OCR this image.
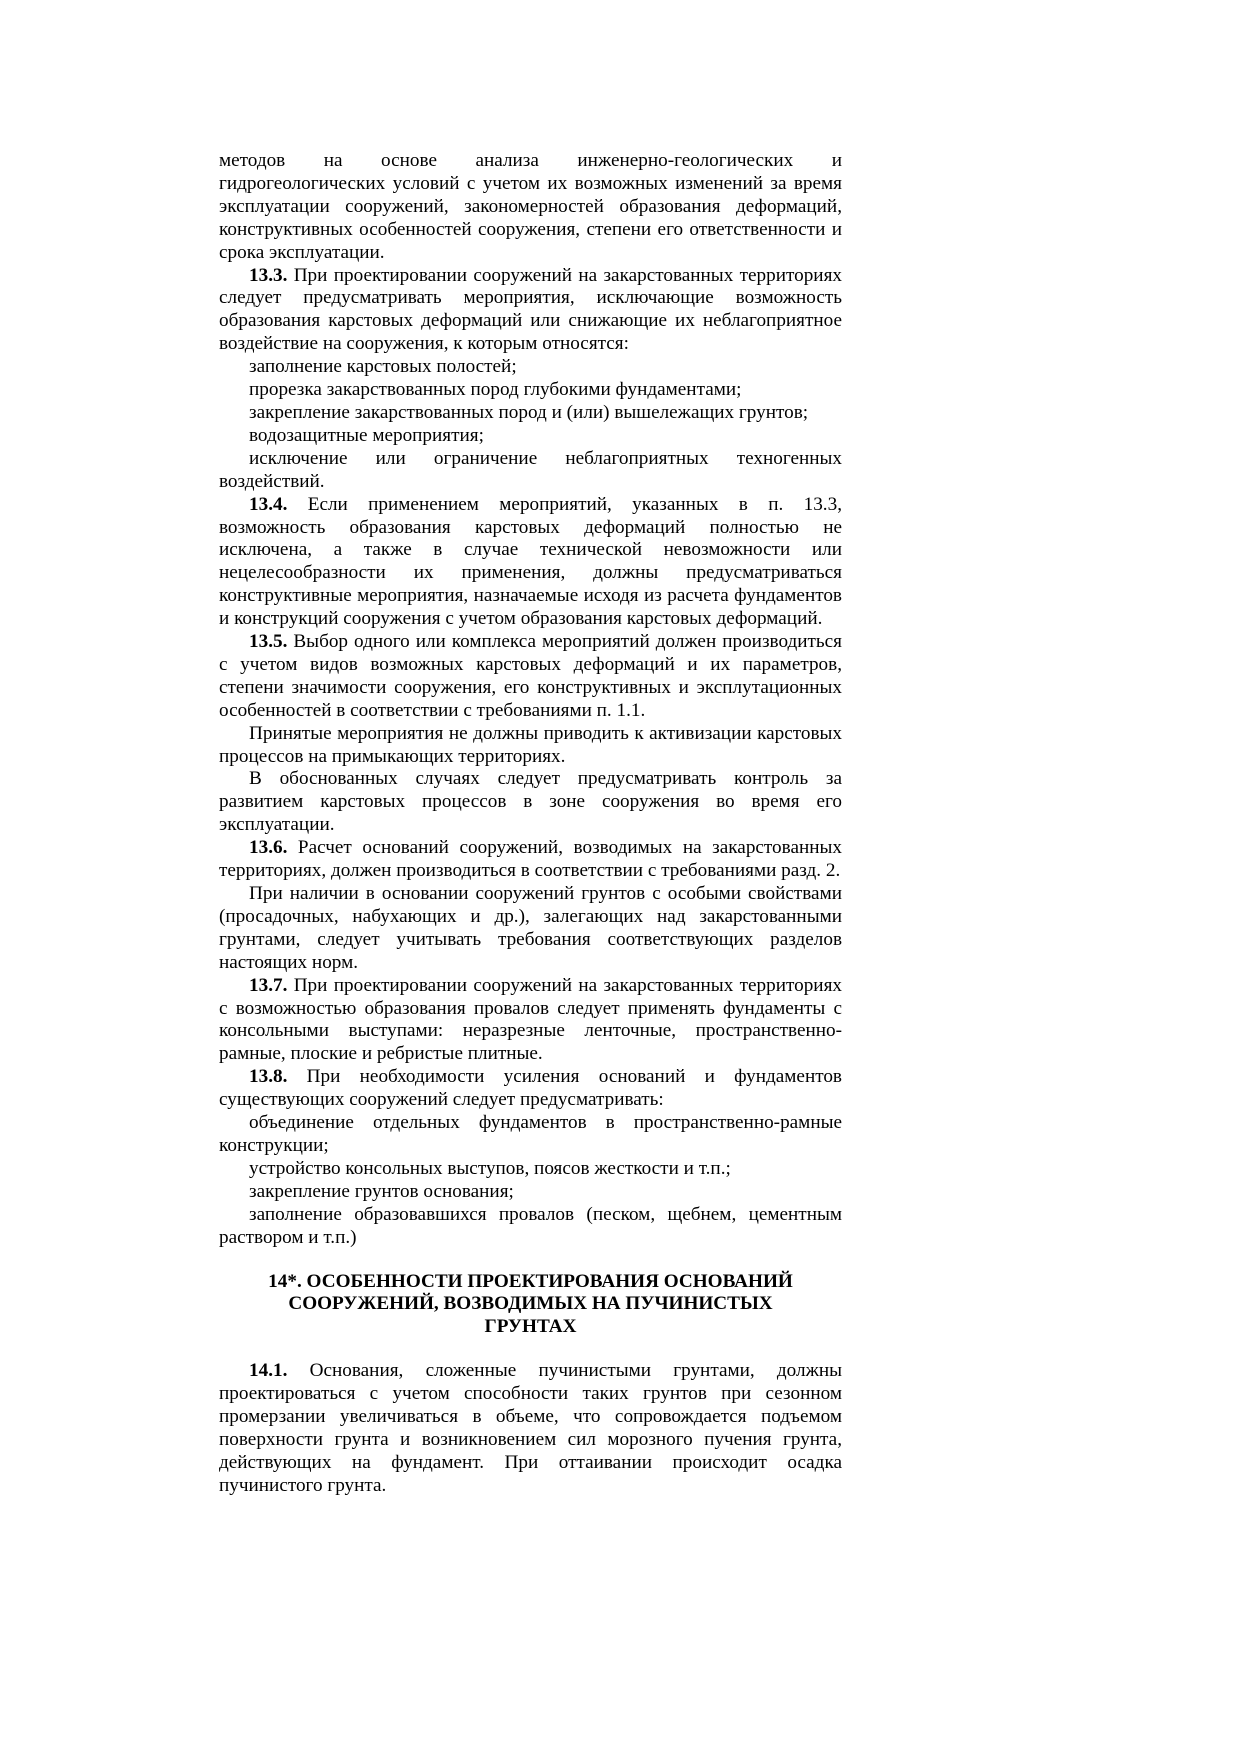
методов на основе анализа инженерно-геологических и гидрогеологических условий с учетом их возможных изменений за время эксплуатации сооружений, закономерностей образования деформаций, конструктивных особенностей сооружения, степени его ответственности и срока эксплуатации.

13.3. При проектировании сооружений на закарстованных территориях следует предусматривать мероприятия, исключающие возможность образования карстовых деформаций или снижающие их неблагоприятное воздействие на сооружения, к которым относятся:

заполнение карстовых полостей;

прорезка закарствованных пород глубокими фундаментами;

закрепление закарствованных пород и (или) вышележащих грунтов;

водозащитные мероприятия;

исключение или ограничение неблагоприятных техногенных воздействий.

13.4. Если применением мероприятий, указанных в п. 13.3, возможность образования карстовых деформаций полностью не исключена, а также в случае технической невозможности или нецелесообразности их применения, должны предусматриваться конструктивные мероприятия, назначаемые исходя из расчета фундаментов и конструкций сооружения с учетом образования карстовых деформаций.

13.5. Выбор одного или комплекса мероприятий должен производиться с учетом видов возможных карстовых деформаций и их параметров, степени значимости сооружения, его конструктивных и эксплутационных особенностей в соответствии с требованиями п. 1.1.

Принятые мероприятия не должны приводить к активизации карстовых процессов на примыкающих территориях.

В обоснованных случаях следует предусматривать контроль за развитием карстовых процессов в зоне сооружения во время его эксплуатации.

13.6. Расчет оснований сооружений, возводимых на закарстованных территориях, должен производиться в соответствии с требованиями разд. 2.

При наличии в основании сооружений грунтов с особыми свойствами (просадочных, набухающих и др.), залегающих над закарстованными грунтами, следует учитывать требования соответствующих разделов настоящих норм.

13.7. При проектировании сооружений на закарстованных территориях с возможностью образования провалов следует применять фундаменты с консольными выступами: неразрезные ленточные, пространственно-рамные, плоские и ребристые плитные.

13.8. При необходимости усиления оснований и фундаментов существующих сооружений следует предусматривать:

объединение отдельных фундаментов в пространственно-рамные конструкции;

устройство консольных выступов, поясов жесткости и т.п.;

закрепление грунтов основания;

заполнение образовавшихся провалов (песком, щебнем, цементным раствором и т.п.)

14*. ОСОБЕННОСТИ ПРОЕКТИРОВАНИЯ ОСНОВАНИЙ
СООРУЖЕНИЙ, ВОЗВОДИМЫХ НА ПУЧИНИСТЫХ
ГРУНТАХ

14.1. Основания, сложенные пучинистыми грунтами, должны проектироваться с учетом способности таких грунтов при сезонном промерзании увеличиваться в объеме, что сопровождается подъемом поверхности грунта и возникновением сил морозного пучения грунта, действующих на фундамент. При оттаивании происходит осадка пучинистого грунта.
